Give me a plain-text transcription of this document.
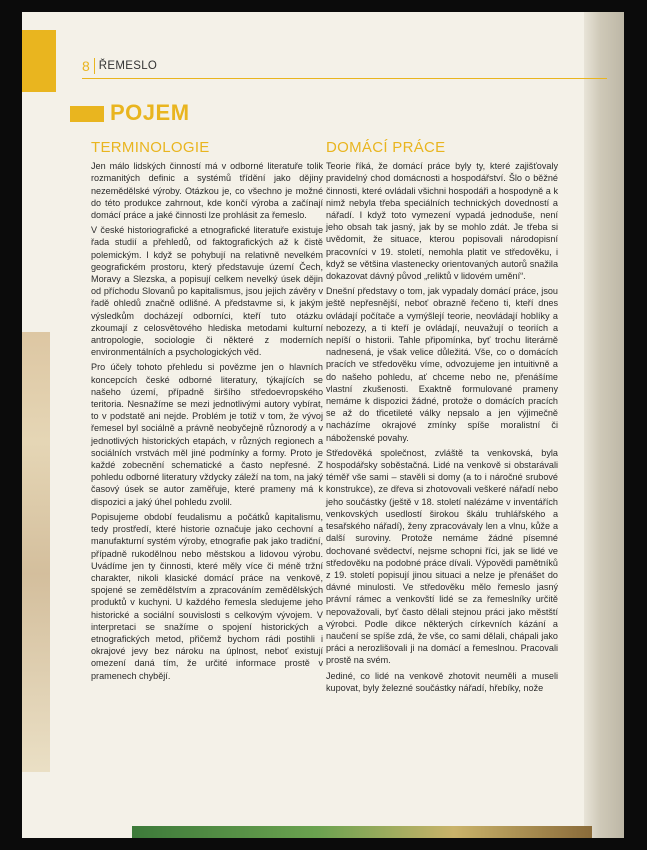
8 ŘEMESLO
POJEM
TERMINOLOGIE

Jen málo lidských činností má v odborné literatuře tolik rozmanitých definic a systémů třídění jako dějiny nezemědělské výroby. Otázkou je, co všechno je možné do této produkce zahrnout, kde končí výroba a začínají domácí práce a jaké činnosti lze prohlásit za řemeslo.

V české historiografické a etnografické literatuře existuje řada studií a přehledů, od faktografických až k čistě polemickým. I když se pohybují na relativně nevelkém geografickém prostoru, který představuje území Čech, Moravy a Slezska, a popisují celkem nevelký úsek dějin od příchodu Slovanů po kapitalismus, jsou jejich závěry v řadě ohledů značně odlišné. A představme si, k jakým výsledkům docházejí odborníci, kteří tuto otázku zkoumají z celosvětového hlediska metodami kulturní antropologie, sociologie či některé z moderních environmentálních a psychologických věd.

Pro účely tohoto přehledu si povězme jen o hlavních koncepcích české odborné literatury, týkajících se našeho území, případně širšího středoevropského teritoria. Nesnažíme se mezi jednotlivými autory vybírat, to v podstatě ani nejde. Problém je totiž v tom, že vývoj řemesel byl sociálně a právně neobyčejně různorodý a v jednotlivých historických etapách, v různých regionech a sociálních vrstvách měl jiné podmínky a formy. Proto je každé zobecnění schematické a často nepřesné. Z pohledu odborné literatury vždycky záleží na tom, na jaký časový úsek se autor zaměřuje, které prameny má k dispozici a jaký úhel pohledu zvolil.

Popisujeme období feudalismu a počátků kapitalismu, tedy prostředí, které historie označuje jako cechovní a manufakturní systém výroby, etnografie pak jako tradiční, případně rukodělnou nebo městskou a lidovou výrobu. Uvádíme jen ty činnosti, které měly více či méně tržní charakter, nikoli klasické domácí práce na venkově, spojené se zemědělstvím a zpracováním zemědělských produktů v kuchyni. U každého řemesla sledujeme jeho historické a sociální souvislosti s celkovým vývojem. V interpretaci se snažíme o spojení historických a etnografických metod, přičemž bychom rádi postihli i okrajové jevy bez nároku na úplnost, neboť existují omezení daná tím, že určité informace prostě v pramenech chybějí.

DOMÁCÍ PRÁCE

Teorie říká, že domácí práce byly ty, které zajišťovaly pravidelný chod domácnosti a hospodářství. Šlo o běžné činnosti, které ovládali všichni hospodáři a hospodyně a k nimž nebyla třeba speciálních technických dovedností a nářadí. I když toto vymezení vypadá jednoduše, není jeho obsah tak jasný, jak by se mohlo zdát. Je třeba si uvědomit, že situace, kterou popisovali národopisní pracovníci v 19. století, nemohla platit ve středověku, i když se většina vlastenecky orientovaných autorů snažila dokazovat dávný původ „reliktů v lidovém umění“.

Dnešní představy o tom, jak vypadaly domácí práce, jsou ještě nepřesnější, neboť obrazně řečeno ti, kteří dnes ovládají počítače a vymýšlejí teorie, neovládají hoblíky a nebozezy, a ti kteří je ovládají, neuvažují o teoriích a nepíší o historii. Tahle připomínka, byť trochu literárně nadnesená, je však velice důležitá. Vše, co o domácích pracích ve středověku víme, odvozujeme jen intuitivně a do našeho pohledu, ať chceme nebo ne, přenášíme vlastní zkušenosti. Exaktně formulované prameny nemáme k dispozici žádné, protože o domácích pracích se až do třicetileté války nepsalo a jen výjimečně nacházíme okrajové zmínky spíše moralistní či náboženské povahy.

Středověká společnost, zvláště ta venkovská, byla hospodářsky soběstačná. Lidé na venkově si obstarávali téměř vše sami – stavěli si domy (a to i náročné srubové konstrukce), ze dřeva si zhotovovali veškeré nářadí nebo jeho součástky (ještě v 18. století nalézáme v inventářích venkovských usedlostí širokou škálu truhlářského a tesařského nářadí), ženy zpracovávaly len a vlnu, kůže a další suroviny. Protože nemáme žádné písemné dochované svědectví, nejsme schopni říci, jak se lidé ve středověku na podobné práce dívali. Výpovědi pamětníků z 19. století popisují jinou situaci a nelze je přenášet do dávné minulosti. Ve středověku mělo řemeslo jasný právní rámec a venkovští lidé se za řemeslníky určitě nepovažovali, byť často dělali stejnou práci jako městští výrobci. Podle dikce některých církevních kázání a naučení se spíše zdá, že vše, co sami dělali, chápali jako práci a nerozlišovali ji na domácí a řemeslnou. Pracovali prostě na svém.

Jediné, co lidé na venkově zhotovit neuměli a museli kupovat, byly železné součástky nářadí, hřebíky, nože
